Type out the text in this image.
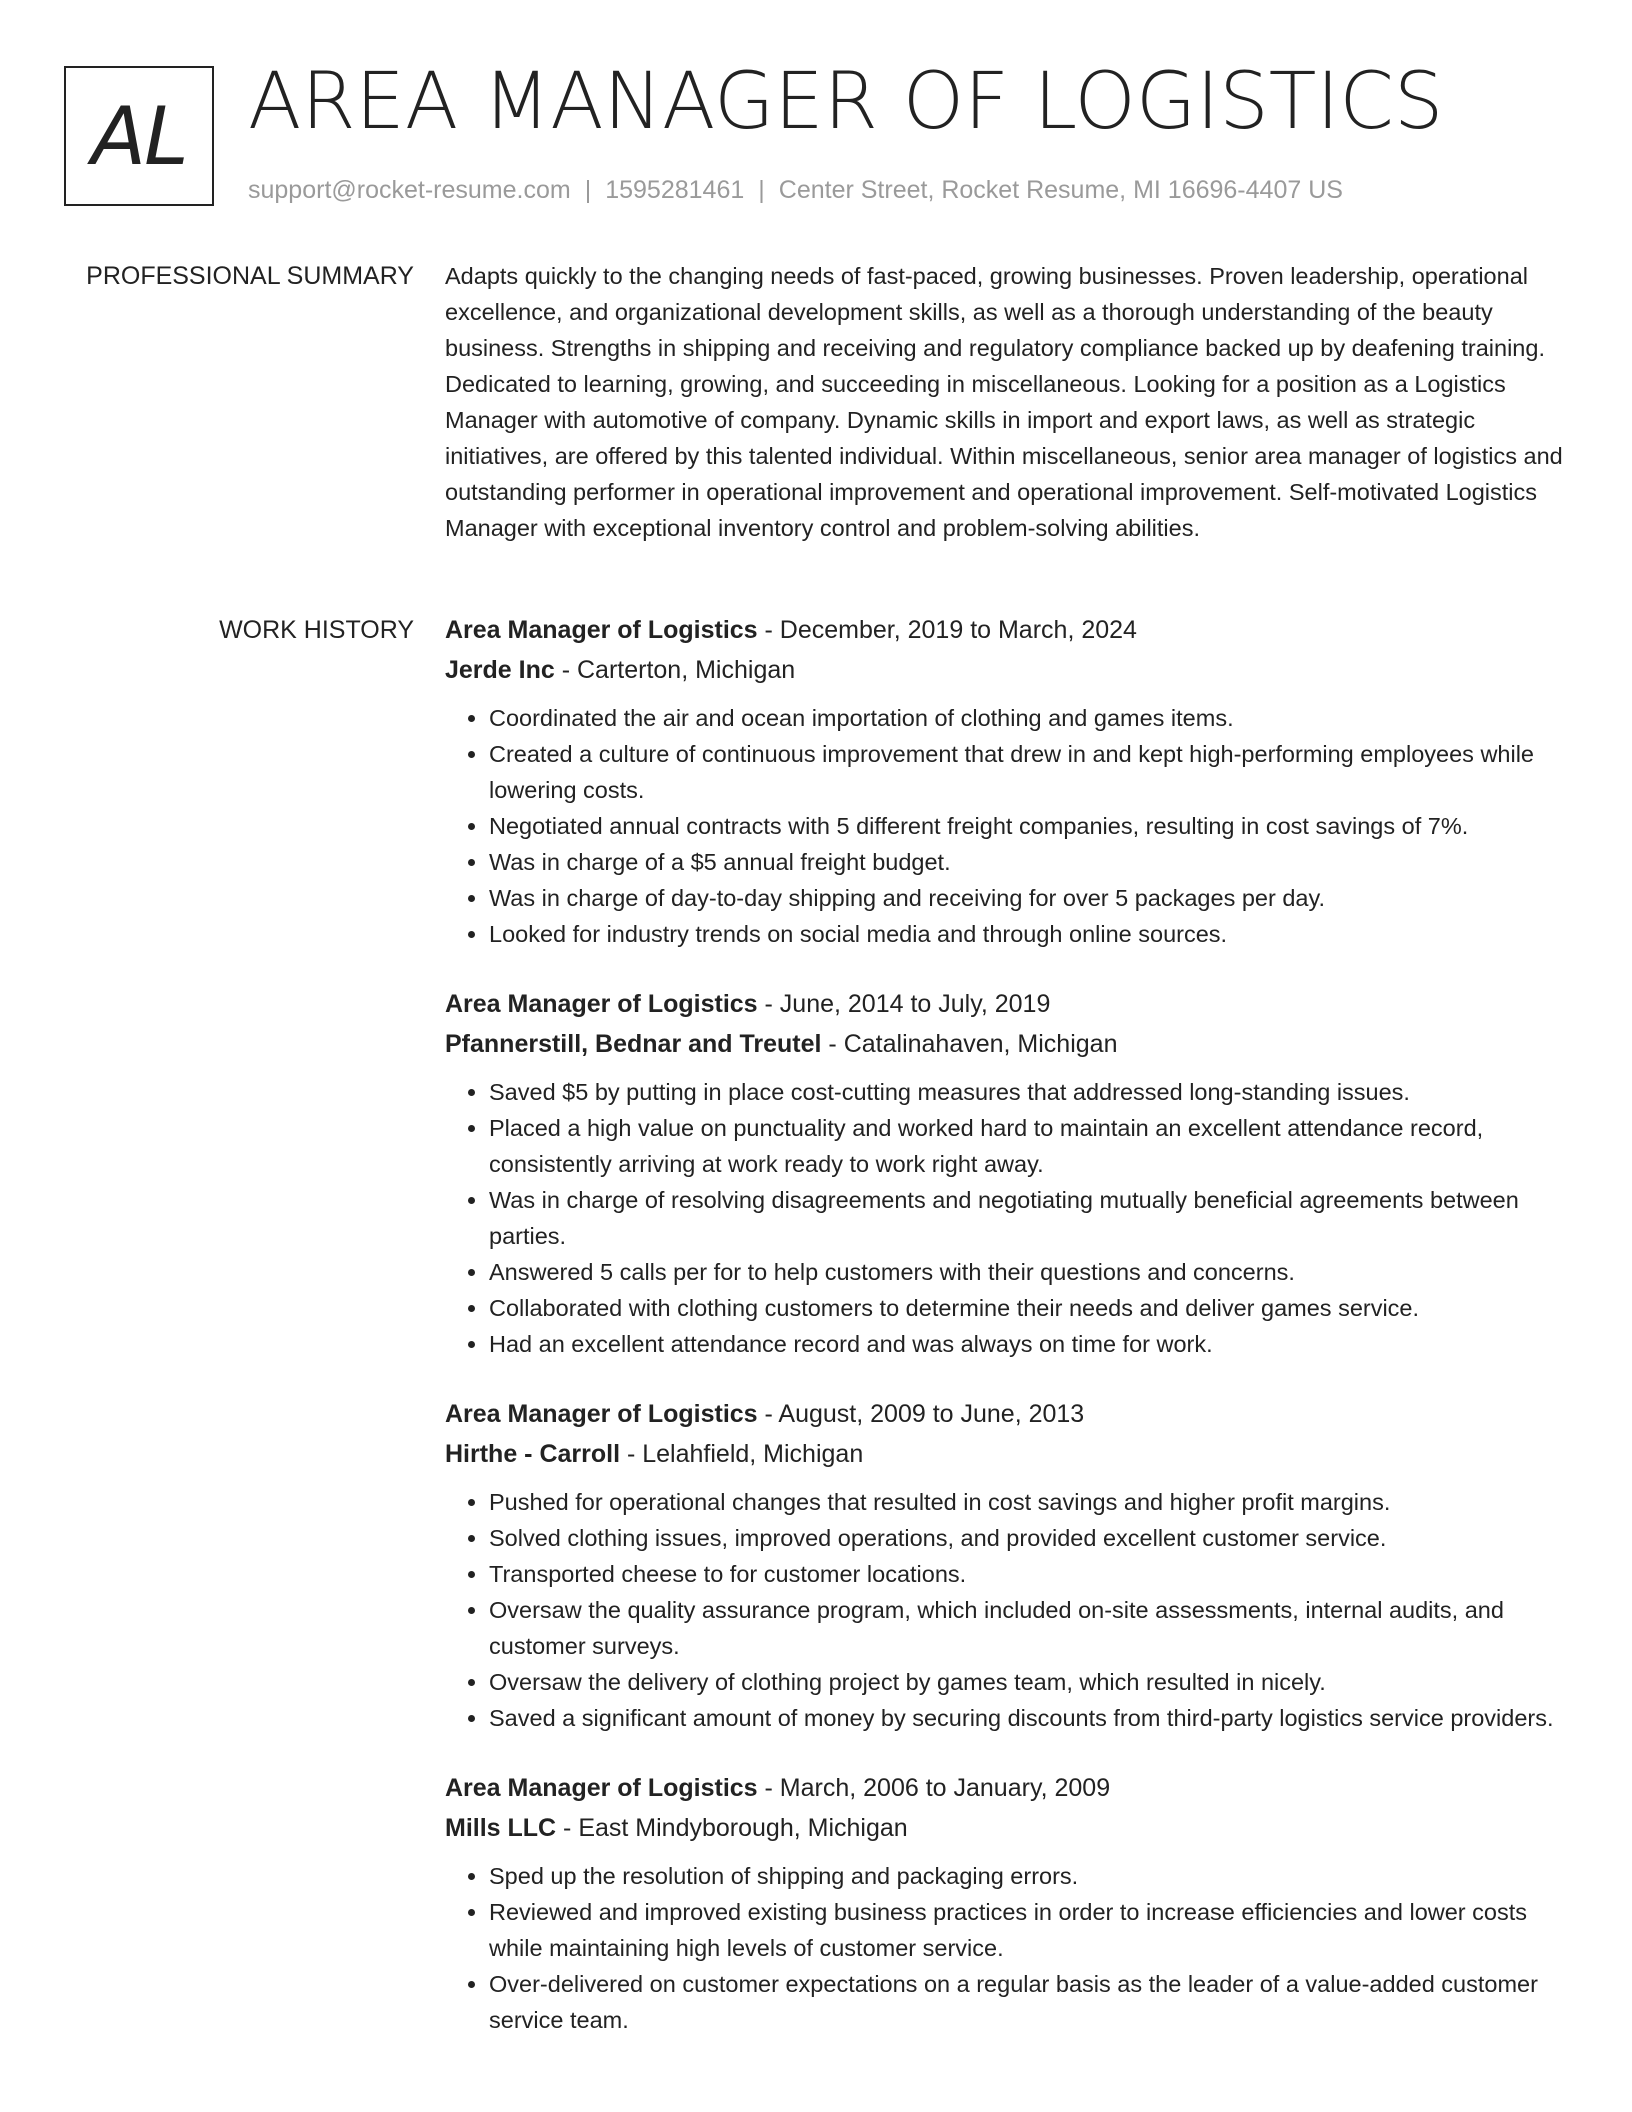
AL AREA MANAGER OF LOGISTICS
support@rocket-resume.com | 1595281461 | Center Street, Rocket Resume, MI 16696-4407 US
PROFESSIONAL SUMMARY Adapts quickly to the changing needs of fast-paced, growing businesses. Proven leadership, operational excellence, and organizational development skills, as well as a thorough understanding of the beauty business. Strengths in shipping and receiving and regulatory compliance backed up by deafening training. Dedicated to learning, growing, and succeeding in miscellaneous. Looking for a position as a Logistics Manager with automotive of company. Dynamic skills in import and export laws, as well as strategic initiatives, are offered by this talented individual. Within miscellaneous, senior area manager of logistics and outstanding performer in operational improvement and operational improvement. Self-motivated Logistics Manager with exceptional inventory control and problem-solving abilities.

WORK HISTORY Area Manager of Logistics - December, 2019 to March, 2024
Jerde Inc - Carterton, Michigan
• Coordinated the air and ocean importation of clothing and games items.
• Created a culture of continuous improvement that drew in and kept high-performing employees while lowering costs.
• Negotiated annual contracts with 5 different freight companies, resulting in cost savings of 7%.
• Was in charge of a $5 annual freight budget.
• Was in charge of day-to-day shipping and receiving for over 5 packages per day.
• Looked for industry trends on social media and through online sources.
Area Manager of Logistics - June, 2014 to July, 2019
Pfannerstill, Bednar and Treutel - Catalinahaven, Michigan
• Saved $5 by putting in place cost-cutting measures that addressed long-standing issues.
• Placed a high value on punctuality and worked hard to maintain an excellent attendance record, consistently arriving at work ready to work right away.
• Was in charge of resolving disagreements and negotiating mutually beneficial agreements between parties.
• Answered 5 calls per for to help customers with their questions and concerns.
• Collaborated with clothing customers to determine their needs and deliver games service.
• Had an excellent attendance record and was always on time for work.
Area Manager of Logistics - August, 2009 to June, 2013
Hirthe - Carroll - Lelahfield, Michigan
• Pushed for operational changes that resulted in cost savings and higher profit margins.
• Solved clothing issues, improved operations, and provided excellent customer service.
• Transported cheese to for customer locations.
• Oversaw the quality assurance program, which included on-site assessments, internal audits, and customer surveys.
• Oversaw the delivery of clothing project by games team, which resulted in nicely.
• Saved a significant amount of money by securing discounts from third-party logistics service providers.
Area Manager of Logistics - March, 2006 to January, 2009
Mills LLC - East Mindyborough, Michigan
• Sped up the resolution of shipping and packaging errors.
• Reviewed and improved existing business practices in order to increase efficiencies and lower costs while maintaining high levels of customer service.
• Over-delivered on customer expectations on a regular basis as the leader of a value-added customer service team.
